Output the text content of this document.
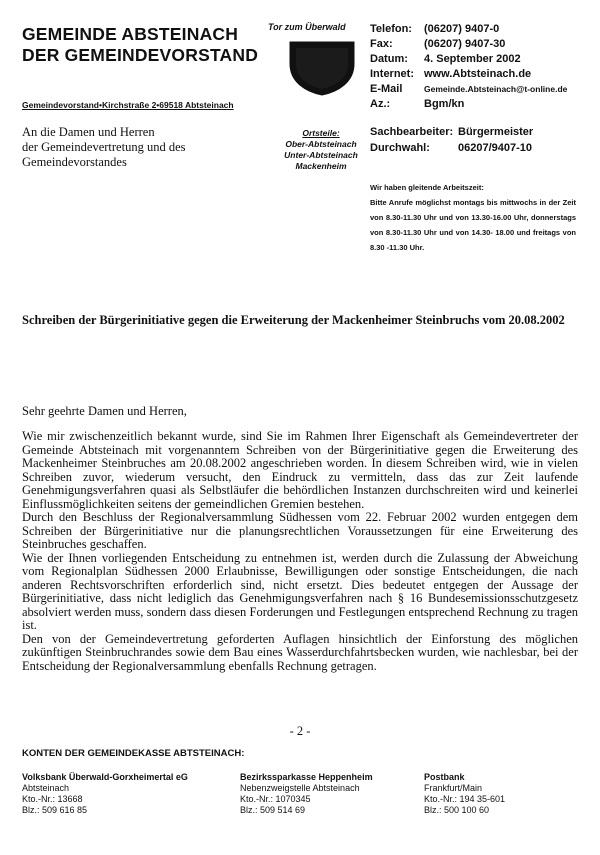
GEMEINDE ABSTEINACH
DER GEMEINDEVORSTAND
Tor zum Überwald Telefon:	(06207) 9407-0
Fax:	(06207) 9407-30
Datum:	4. September 2002
Internet: www.Abtsteinach.de
E-Mail	Gemeinde.Abtsteinach@t-online.de
Az.:	Bgm/kn
Gemeindevorstand•Kirchstraße 2•69518 Abtsteinach
An die Damen und Herren
der Gemeindevertretung und des
Gemeindevorstandes
Ortsteile:
Ober-Abtsteinach
Unter-Abtsteinach
Mackenheim
Sachbearbeiter: Bürgermeister
Durchwahl:	06207/9407-10
Wir haben gleitende Arbeitszeit:
Bitte Anrufe möglichst montags bis mittwochs in der Zeit von 8.30-11.30 Uhr und von 13.30-16.00 Uhr, donnerstags von 8.30-11.30 Uhr und von 14.30- 18.00 und freitags von 8.30 -11.30 Uhr.
Schreiben der Bürgerinitiative gegen die Erweiterung der Mackenheimer Steinbruchs vom 20.08.2002
Sehr geehrte Damen und Herren,

Wie mir zwischenzeitlich bekannt wurde, sind Sie im Rahmen Ihrer Eigenschaft als Gemeindevertreter der Gemeinde Abtsteinach mit vorgenanntem Schreiben von der Bürgerinitiative gegen die Erweiterung des Mackenheimer Steinbruches am 20.08.2002 angeschrieben worden. In diesem Schreiben wird, wie in vielen Schreiben zuvor, wiederum versucht, den Eindruck zu vermitteln, dass das zur Zeit laufende Genehmigungsverfahren quasi als Selbstläufer die behördlichen Instanzen durchschreiten wird und keinerlei Einflussmöglichkeiten seitens der gemeindlichen Gremien bestehen.

Durch den Beschluss der Regionalversammlung Südhessen vom 22. Februar 2002 wurden entgegen dem Schreiben der Bürgerinitiative nur die planungsrechtlichen Voraussetzungen für eine Erweiterung des Steinbruches geschaffen.

Wie der Ihnen vorliegenden Entscheidung zu entnehmen ist, werden durch die Zulassung der Abweichung vom Regionalplan Südhessen 2000 Erlaubnisse, Bewilligungen oder sonstige Entscheidungen, die nach anderen Rechtsvorschriften erforderlich sind, nicht ersetzt. Dies bedeutet entgegen der Aussage der Bürgerinitiative, dass nicht lediglich das Genehmigungsverfahren nach § 16 Bundesemissionsschutzgesetz absolviert werden muss, sondern dass diesen Forderungen und Festlegungen entsprechend Rechnung zu tragen ist.

Den von der Gemeindevertretung geforderten Auflagen hinsichtlich der Einforstung des möglichen zukünftigen Steinbruchrandes sowie dem Bau eines Wasserdurchfahrtsbecken wurden, wie nachlesbar, bei der Entscheidung der Regionalversammlung ebenfalls Rechnung getragen.

- 2 -
KONTEN DER GEMEINDEKASSE ABTSTEINACH:
Volksbank Überwald-Gorxheimertal eG
Abtsteinach
Kto.-Nr.: 13668
Blz.: 509 616 85
Bezirkssparkasse Heppenheim
Nebenzweigstelle Abtsteinach
Kto.-Nr.: 1070345
Blz.: 509 514 69
Postbank
Frankfurt/Main
Kto.-Nr.: 194 35-601
Blz.: 500 100 60
